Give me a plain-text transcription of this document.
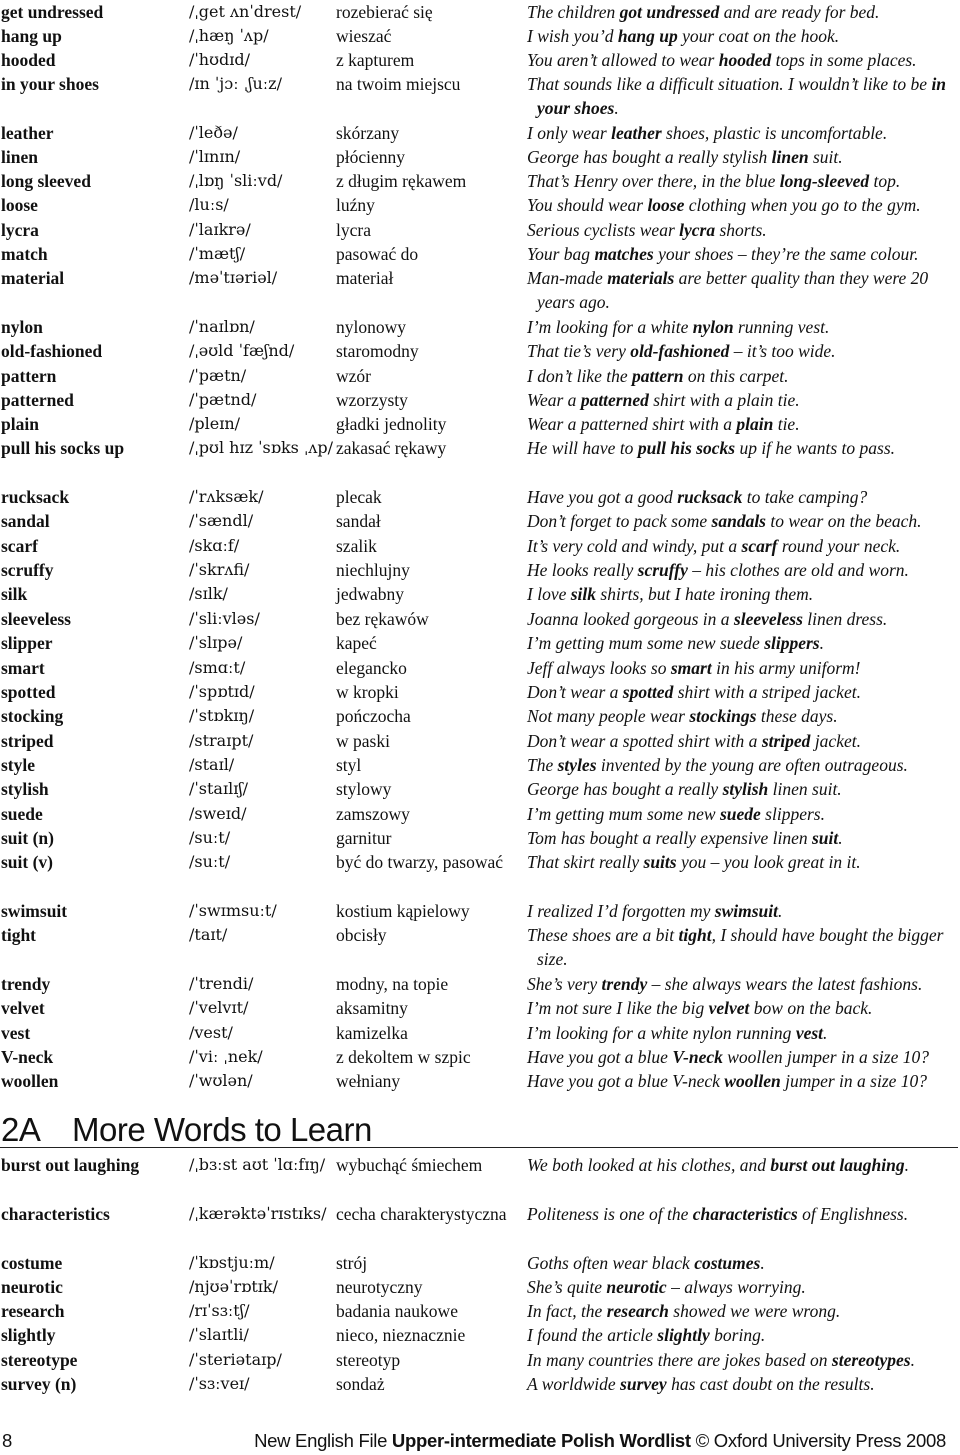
get undressed	/ˌget ʌnˈdrest/	rozebierać się	The children got undressed and are ready for bed.
hang up	/ˌhæŋ ˈʌp/	wieszać	I wish you’d hang up your coat on the hook.
hooded	/ˈhʊdɪd/	z kapturem	You aren’t allowed to wear hooded tops in some places.
in your shoes	/ɪn ˈjɔː ˌʃuːz/	na twoim miejscu	That sounds like a difficult situation. I wouldn’t like to be in your shoes.
leather	/ˈleðə/	skórzany	I only wear leather shoes, plastic is uncomfortable.
linen	/ˈlɪnɪn/	płócienny	George has bought a really stylish linen suit.
long sleeved	/ˌlɒŋ ˈsliːvd/	z długim rękawem	That’s Henry over there, in the blue long-sleeved top.
loose	/luːs/	luźny	You should wear loose clothing when you go to the gym.
lycra	/ˈlaɪkrə/	lycra	Serious cyclists wear lycra shorts.
match	/ˈmætʃ/	pasować do	Your bag matches your shoes – they’re the same colour.
material	/məˈtɪəriəl/	materiał	Man-made materials are better quality than they were 20 years ago.
nylon	/ˈnaɪlɒn/	nylonowy	I’m looking for a white nylon running vest.
old-fashioned	/ˌəʊld ˈfæʃnd/	staromodny	That tie’s very old-fashioned – it’s too wide.
pattern	/ˈpætn/	wzór	I don’t like the pattern on this carpet.
patterned	/ˈpætnd/	wzorzysty	Wear a patterned shirt with a plain tie.
plain	/pleɪn/	gładki jednolity	Wear a patterned shirt with a plain tie.
pull his socks up	/ˌpʊl hɪz ˈsɒks ˌʌp/ zakasać rękawy	He will have to pull his socks up if he wants to pass.
rucksack	/ˈrʌksæk/	plecak	Have you got a good rucksack to take camping?
sandal	/ˈsændl/	sandał	Don’t forget to pack some sandals to wear on the beach.
scarf	/skɑːf/	szalik	It’s very cold and windy, put a scarf round your neck.
scruffy	/ˈskrʌfi/	niechlujny	He looks really scruffy – his clothes are old and worn.
silk	/sɪlk/	jedwabny	I love silk shirts, but I hate ironing them.
sleeveless	/ˈsliːvləs/	bez rękawów	Joanna looked gorgeous in a sleeveless linen dress.
slipper	/ˈslɪpə/	kapeć	I’m getting mum some new suede slippers.
smart	/smɑːt/	elegancko	Jeff always looks so smart in his army uniform!
spotted	/ˈspɒtɪd/	w kropki	Don’t wear a spotted shirt with a striped jacket.
stocking	/ˈstɒkɪŋ/	pończocha	Not many people wear stockings these days.
striped	/straɪpt/	w paski	Don’t wear a spotted shirt with a striped jacket.
style	/staɪl/	styl	The styles invented by the young are often outrageous.
stylish	/ˈstaɪlɪʃ/	stylowy	George has bought a really stylish linen suit.
suede	/sweɪd/	zamszowy	I’m getting mum some new suede slippers.
suit (n)	/suːt/	garnitur	Tom has bought a really expensive linen suit.
suit (v)	/suːt/	być do twarzy, pasować	That skirt really suits you – you look great in it.
swimsuit	/ˈswɪmsuːt/	kostium kąpielowy	I realized I’d forgotten my swimsuit.
tight	/taɪt/	obcisły	These shoes are a bit tight, I should have bought the bigger size.
trendy	/ˈtrendi/	modny, na topie	She’s very trendy – she always wears the latest fashions.
velvet	/ˈvelvɪt/	aksamitny	I’m not sure I like the big velvet bow on the back.
vest	/vest/	kamizelka	I’m looking for a white nylon running vest.
V-neck	/ˈviː ˌnek/	z dekoltem w szpic	Have you got a blue V-neck woollen jumper in a size 10?
woollen	/ˈwʊlən/	wełniany	Have you got a blue V-neck woollen jumper in a size 10?
2A More Words to Learn
burst out laughing	/ˌbɜːst aʊt ˈlɑːfɪŋ/ wybuchąć śmiechem	We both looked at his clothes, and burst out laughing.
characteristics	/ˌkærəktəˈrɪstɪks/ cecha charakterystyczna	Politeness is one of the characteristics of Englishness.
costume	/ˈkɒstjuːm/	strój	Goths often wear black costumes.
neurotic	/njʊəˈrɒtɪk/	neurotyczny	She’s quite neurotic – always worrying.
research	/rɪˈsɜːtʃ/	badania naukowe	In fact, the research showed we were wrong.
slightly	/ˈslaɪtli/	nieco, nieznacznie	I found the article slightly boring.
stereotype	/ˈsteriətaɪp/	stereotyp	In many countries there are jokes based on stereotypes.
survey (n)	/ˈsɜːveɪ/	sondaż	A worldwide survey has cast doubt on the results.
8	New English File Upper-intermediate Polish Wordlist © Oxford University Press 2008
